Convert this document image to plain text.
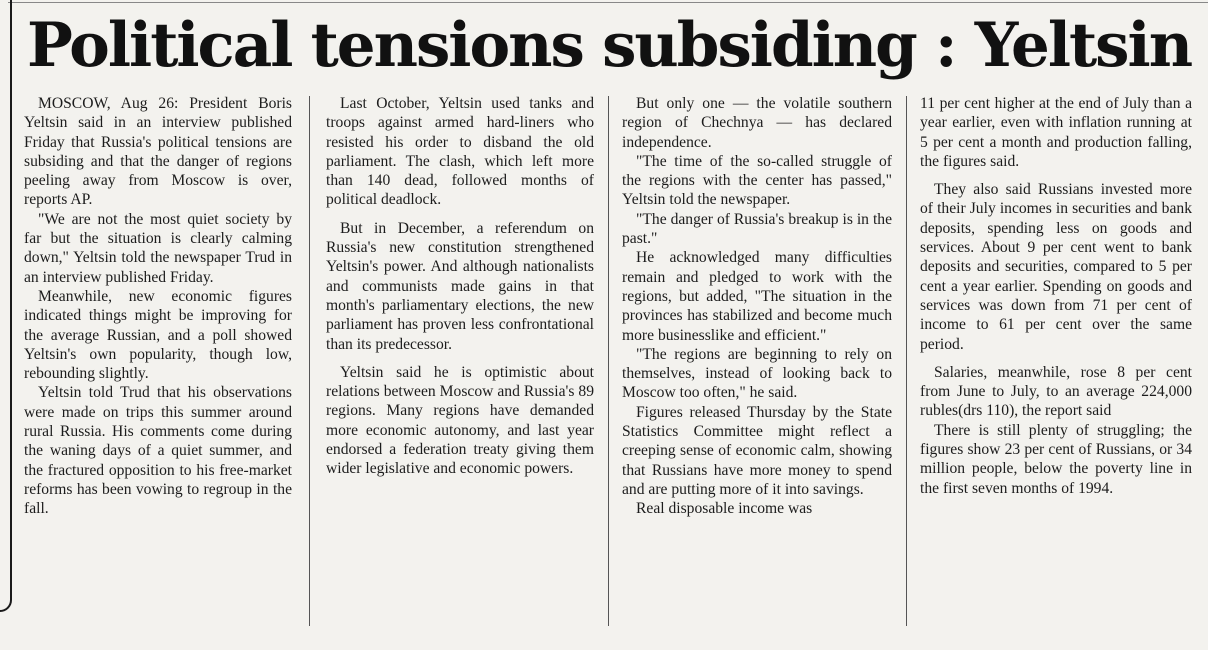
Political tensions subsiding : Yeltsin

MOSCOW, Aug 26: President Boris Yeltsin said in an interview published Friday that Russia's political tensions are subsiding and that the danger of regions peeling away from Moscow is over, reports AP.

"We are not the most quiet society by far but the situation is clearly calming down," Yeltsin told the newspaper Trud in an interview published Friday.

Meanwhile, new economic figures indicated things might be improving for the average Russian, and a poll showed Yeltsin's own popularity, though low, rebounding slightly.

Yeltsin told Trud that his observations were made on trips this summer around rural Russia. His comments come during the waning days of a quiet summer, and the fractured opposition to his free-market reforms has been vowing to regroup in the fall.

Last October, Yeltsin used tanks and troops against armed hard-liners who resisted his order to disband the old parliament. The clash, which left more than 140 dead, followed months of political deadlock.

But in December, a referendum on Russia's new constitution strengthened Yeltsin's power. And although nationalists and communists made gains in that month's parliamentary elections, the new parliament has proven less confrontational than its predecessor.

Yeltsin said he is optimistic about relations between Moscow and Russia's 89 regions. Many regions have demanded more economic autonomy, and last year endorsed a federation treaty giving them wider legislative and economic powers.

But only one — the volatile southern region of Chechnya — has declared independence.

"The time of the so-called struggle of the regions with the center has passed," Yeltsin told the newspaper.

"The danger of Russia's breakup is in the past."

He acknowledged many difficulties remain and pledged to work with the regions, but added, "The situation in the provinces has stabilized and become much more businesslike and efficient."

"The regions are beginning to rely on themselves, instead of looking back to Moscow too often," he said.

Figures released Thursday by the State Statistics Committee might reflect a creeping sense of economic calm, showing that Russians have more money to spend and are putting more of it into savings.

Real disposable income was

11 per cent higher at the end of July than a year earlier, even with inflation running at 5 per cent a month and production falling, the figures said.

They also said Russians invested more of their July incomes in securities and bank deposits, spending less on goods and services. About 9 per cent went to bank deposits and securities, compared to 5 per cent a year earlier. Spending on goods and services was down from 71 per cent of income to 61 per cent over the same period.

Salaries, meanwhile, rose 8 per cent from June to July, to an average 224,000 rubles(drs 110), the report said

There is still plenty of struggling; the figures show 23 per cent of Russians, or 34 million people, below the poverty line in the first seven months of 1994.
